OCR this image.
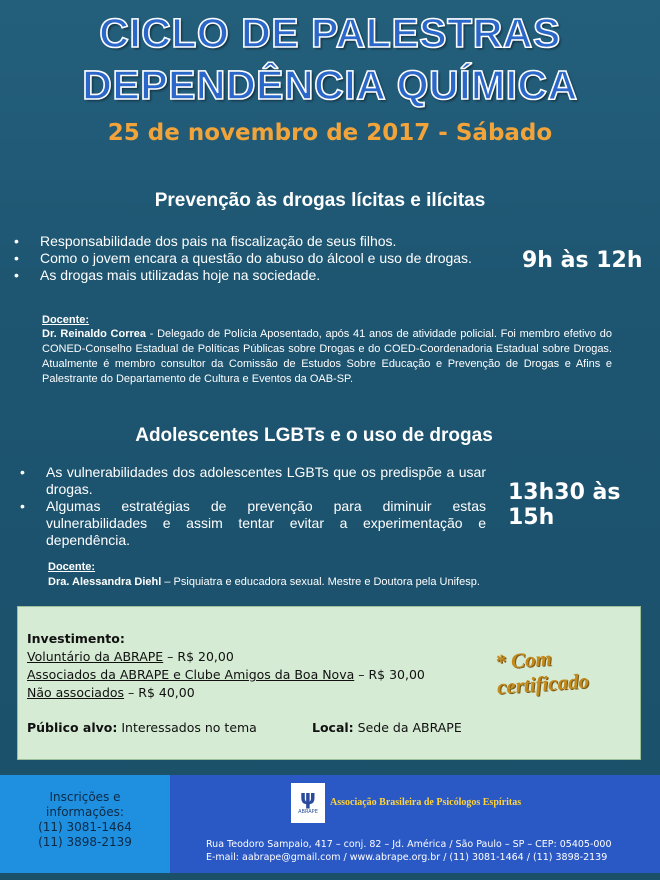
CICLO DE PALESTRAS
DEPENDÊNCIA QUÍMICA
25 de novembro de 2017 - Sábado
Prevenção às drogas lícitas e ilícitas
• Responsabilidade dos pais na fiscalização de seus filhos.
• Como o jovem encara a questão do abuso do álcool e uso de drogas.
• As drogas mais utilizadas hoje na sociedade.
9h às 12h
Docente:
Dr. Reinaldo Correa - Delegado de Polícia Aposentado, após 41 anos de atividade policial. Foi membro efetivo do CONED-Conselho Estadual de Políticas Públicas sobre Drogas e do COED-Coordenadoria Estadual sobre Drogas. Atualmente é membro consultor da Comissão de Estudos Sobre Educação e Prevenção de Drogas e Afins e Palestrante do Departamento de Cultura e Eventos da OAB-SP.
Adolescentes LGBTs e o uso de drogas
• As vulnerabilidades dos adolescentes LGBTs que os predispõe a usar drogas.
• Algumas estratégias de prevenção para diminuir estas vulnerabilidades e assim tentar evitar a experimentação e dependência.
13h30 às 15h
Docente:
Dra. Alessandra Diehl – Psiquiatra e educadora sexual. Mestre e Doutora pela Unifesp.
Investimento:
Voluntário da ABRAPE – R$ 20,00
Associados da ABRAPE e Clube Amigos da Boa Nova – R$ 30,00
Não associados – R$ 40,00
Público alvo: Interessados no tema	Local: Sede da ABRAPE
* Com certificado
Inscrições e
informações:
(11) 3081-1464
(11) 3898-2139
ψ
ABRAPE
Associação Brasileira de Psicólogos Espíritas
Rua Teodoro Sampaio, 417 – conj. 82 – Jd. América / São Paulo – SP – CEP: 05405-000
E-mail: aabrape@gmail.com / www.abrape.org.br / (11) 3081-1464 / (11) 3898-2139
